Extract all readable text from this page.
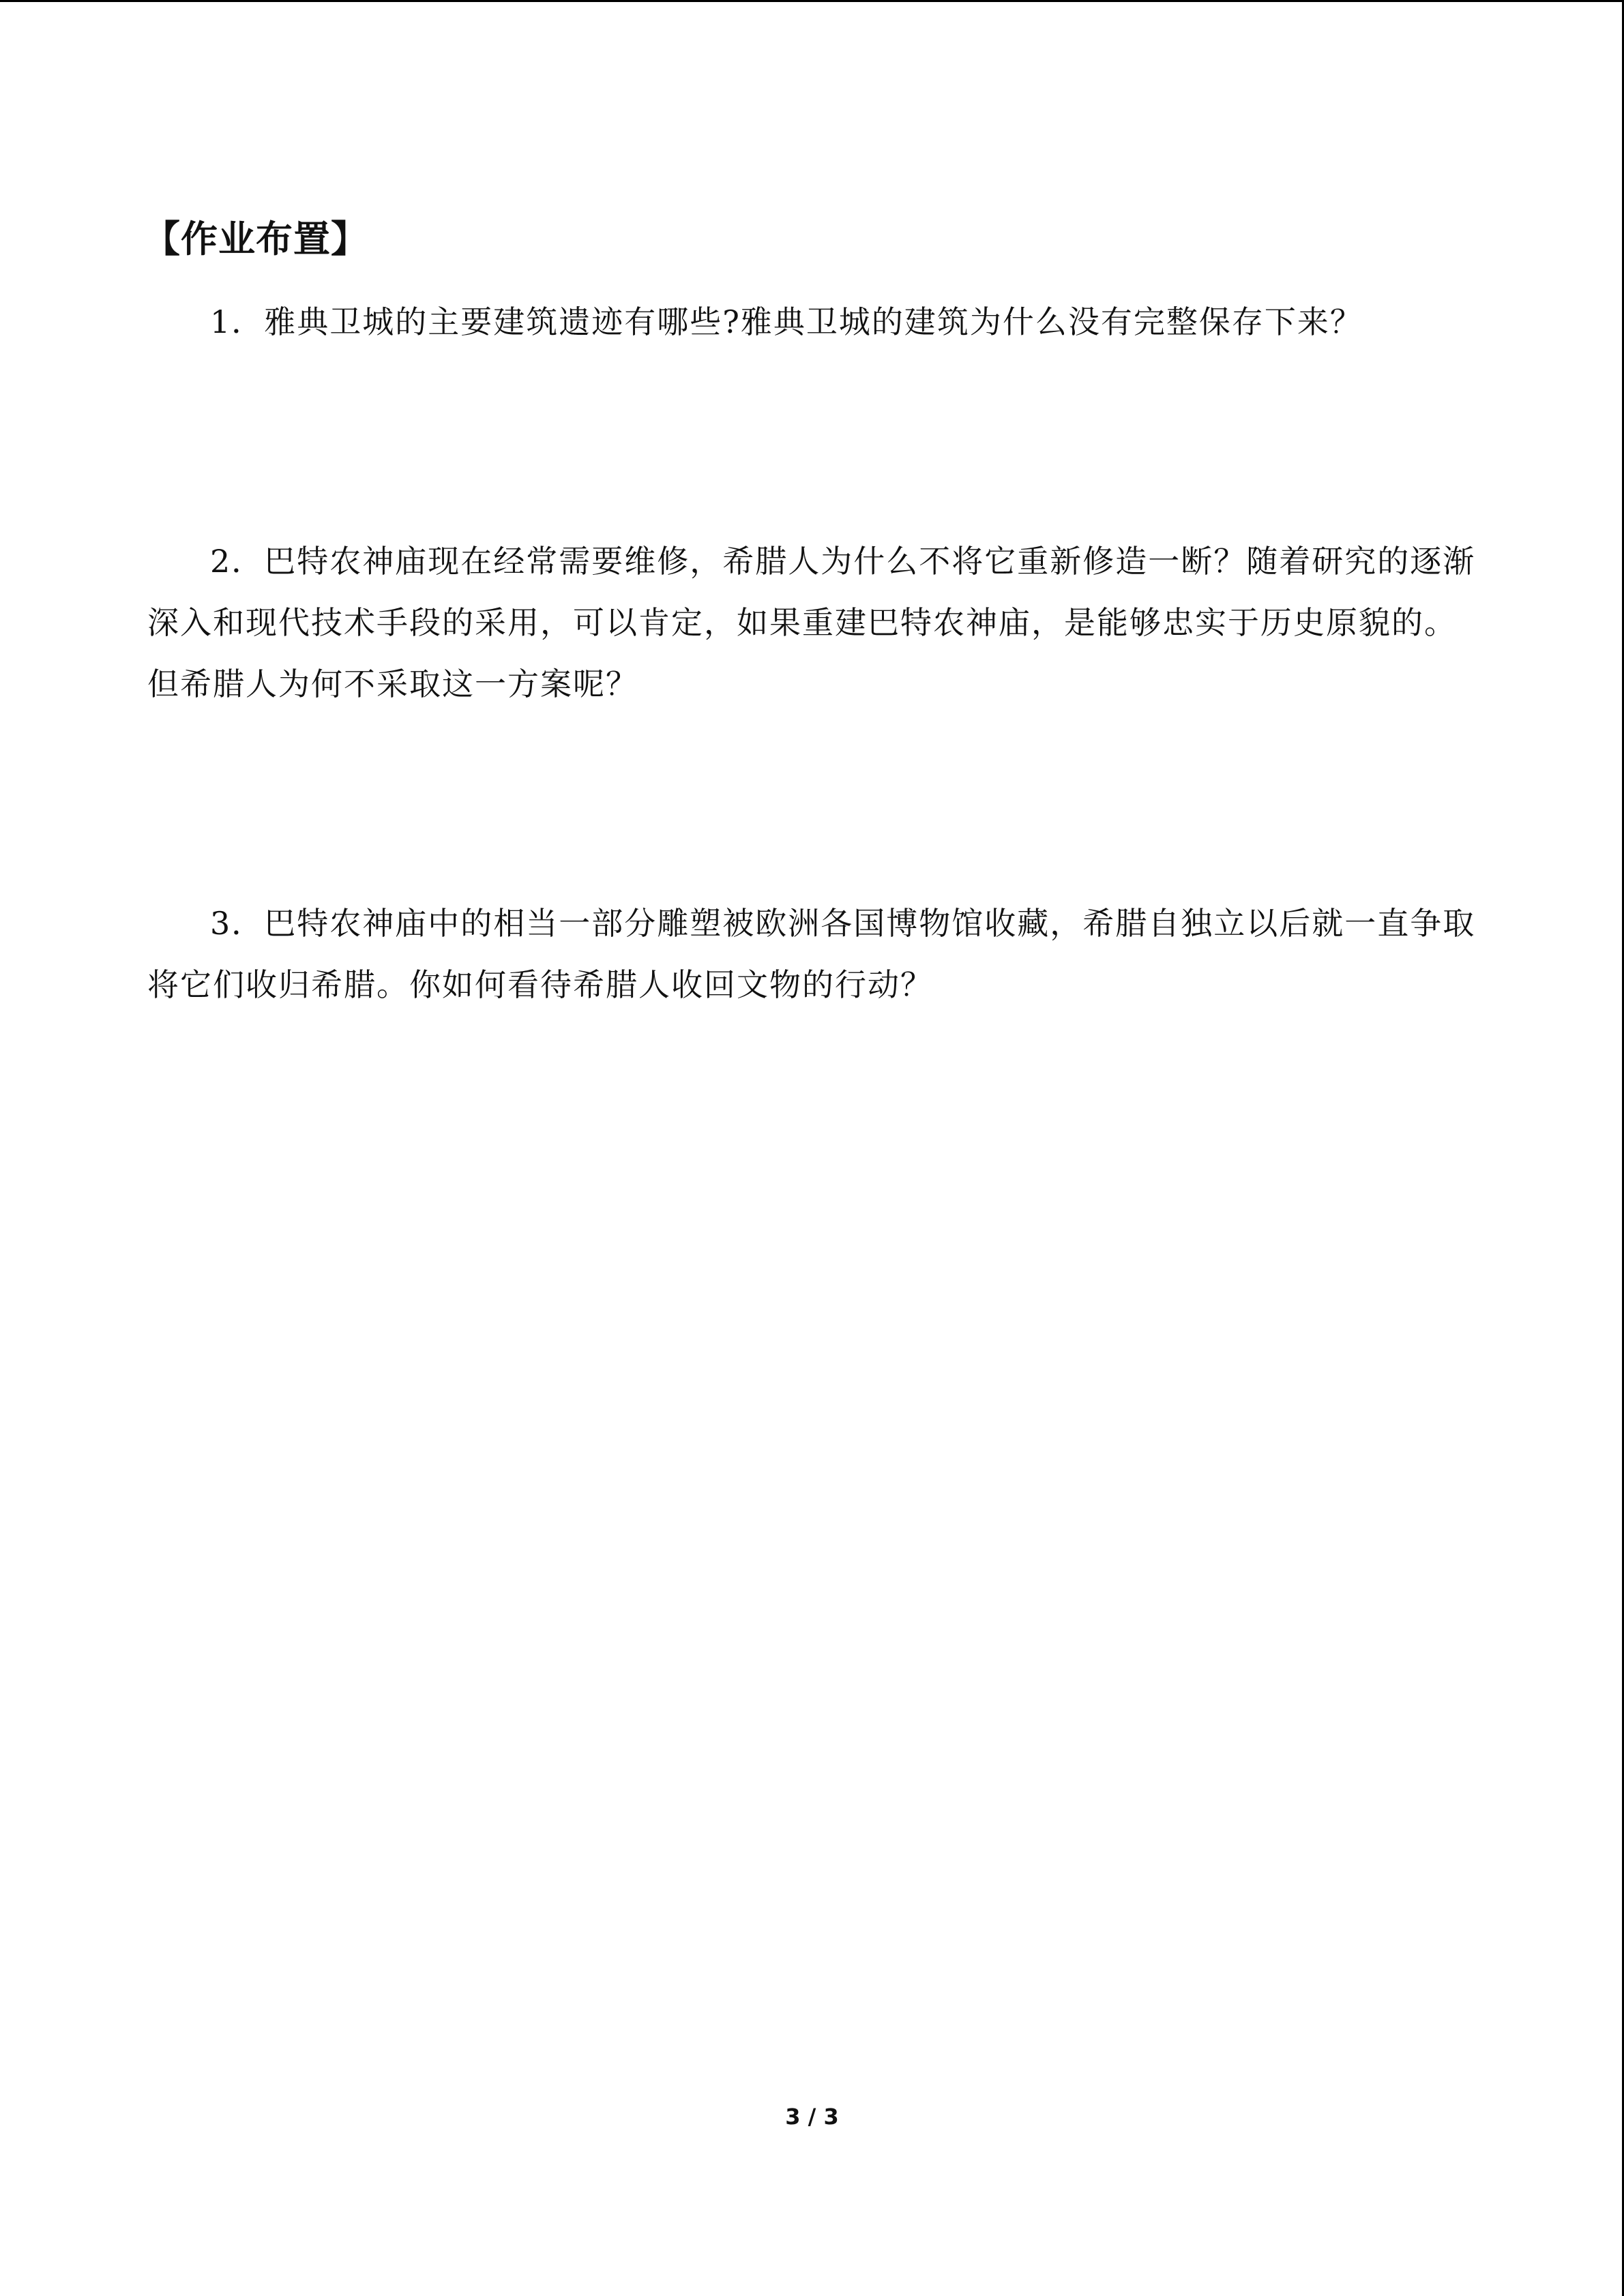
【作业布置】

1．雅典卫城的主要建筑遗迹有哪些?雅典卫城的建筑为什么没有完整保存下来？

2．巴特农神庙现在经常需要维修，希腊人为什么不将它重新修造一断？随着研究的逐渐深入和现代技术手段的采用，可以肯定，如果重建巴特农神庙，是能够忠实于历史原貌的。但希腊人为何不采取这一方案呢？

3．巴特农神庙中的相当一部分雕塑被欧洲各国博物馆收藏，希腊自独立以后就一直争取将它们收归希腊。你如何看待希腊人收回文物的行动？

3 / 3
